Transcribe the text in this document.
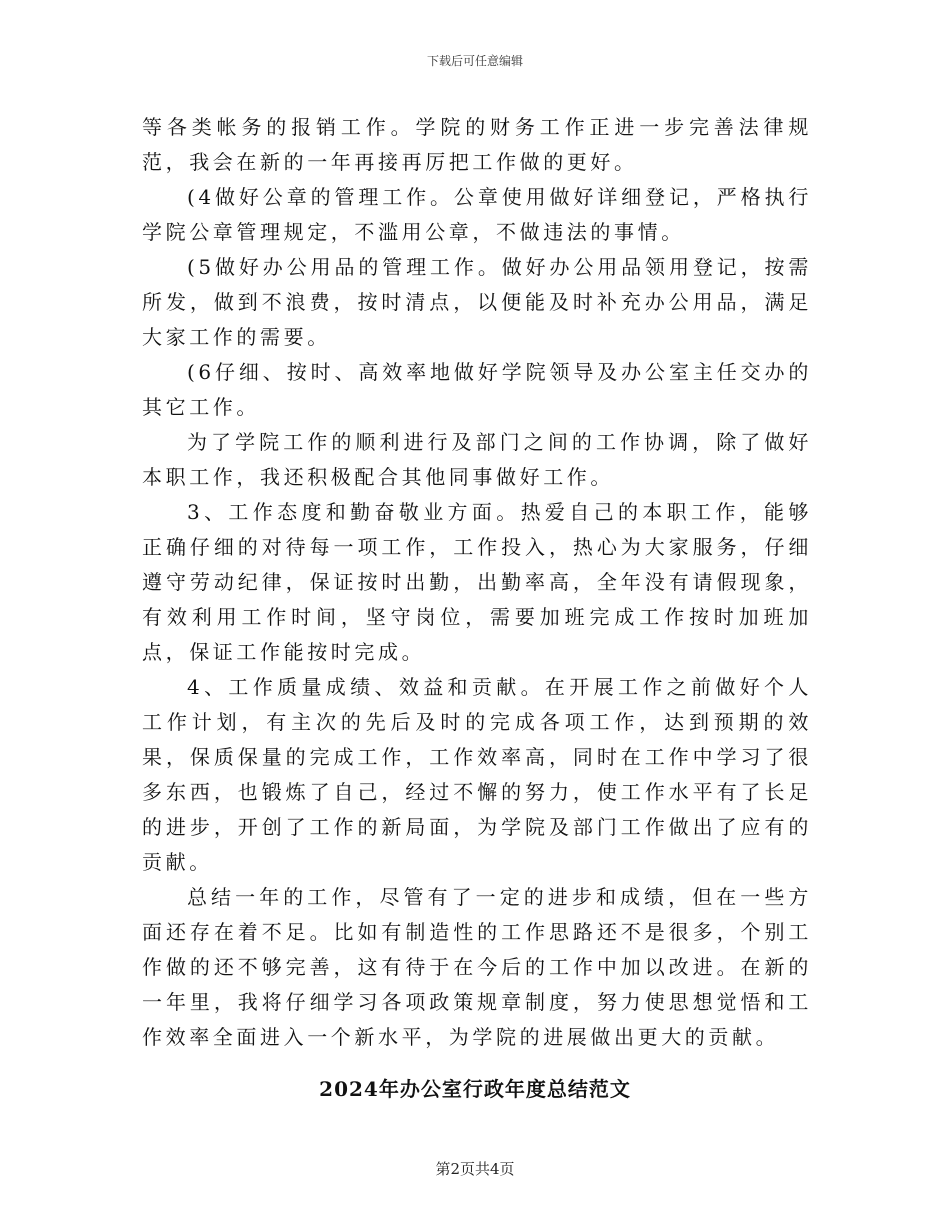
下载后可任意编辑

等各类帐务的报销工作。学院的财务工作正进一步完善法律规范，我会在新的一年再接再厉把工作做的更好。

(4做好公章的管理工作。公章使用做好详细登记，严格执行学院公章管理规定，不滥用公章，不做违法的事情。

(5做好办公用品的管理工作。做好办公用品领用登记，按需所发，做到不浪费，按时清点，以便能及时补充办公用品，满足大家工作的需要。

(6仔细、按时、高效率地做好学院领导及办公室主任交办的其它工作。

为了学院工作的顺利进行及部门之间的工作协调，除了做好本职工作，我还积极配合其他同事做好工作。

3、工作态度和勤奋敬业方面。热爱自己的本职工作，能够正确仔细的对待每一项工作，工作投入，热心为大家服务，仔细遵守劳动纪律，保证按时出勤，出勤率高，全年没有请假现象，有效利用工作时间，坚守岗位，需要加班完成工作按时加班加点，保证工作能按时完成。

4、工作质量成绩、效益和贡献。在开展工作之前做好个人工作计划，有主次的先后及时的完成各项工作，达到预期的效果，保质保量的完成工作，工作效率高，同时在工作中学习了很多东西，也锻炼了自己，经过不懈的努力，使工作水平有了长足的进步，开创了工作的新局面，为学院及部门工作做出了应有的贡献。

总结一年的工作，尽管有了一定的进步和成绩，但在一些方面还存在着不足。比如有制造性的工作思路还不是很多，个别工作做的还不够完善，这有待于在今后的工作中加以改进。在新的一年里，我将仔细学习各项政策规章制度，努力使思想觉悟和工作效率全面进入一个新水平，为学院的进展做出更大的贡献。

2024年办公室行政年度总结范文
第2页共4页
